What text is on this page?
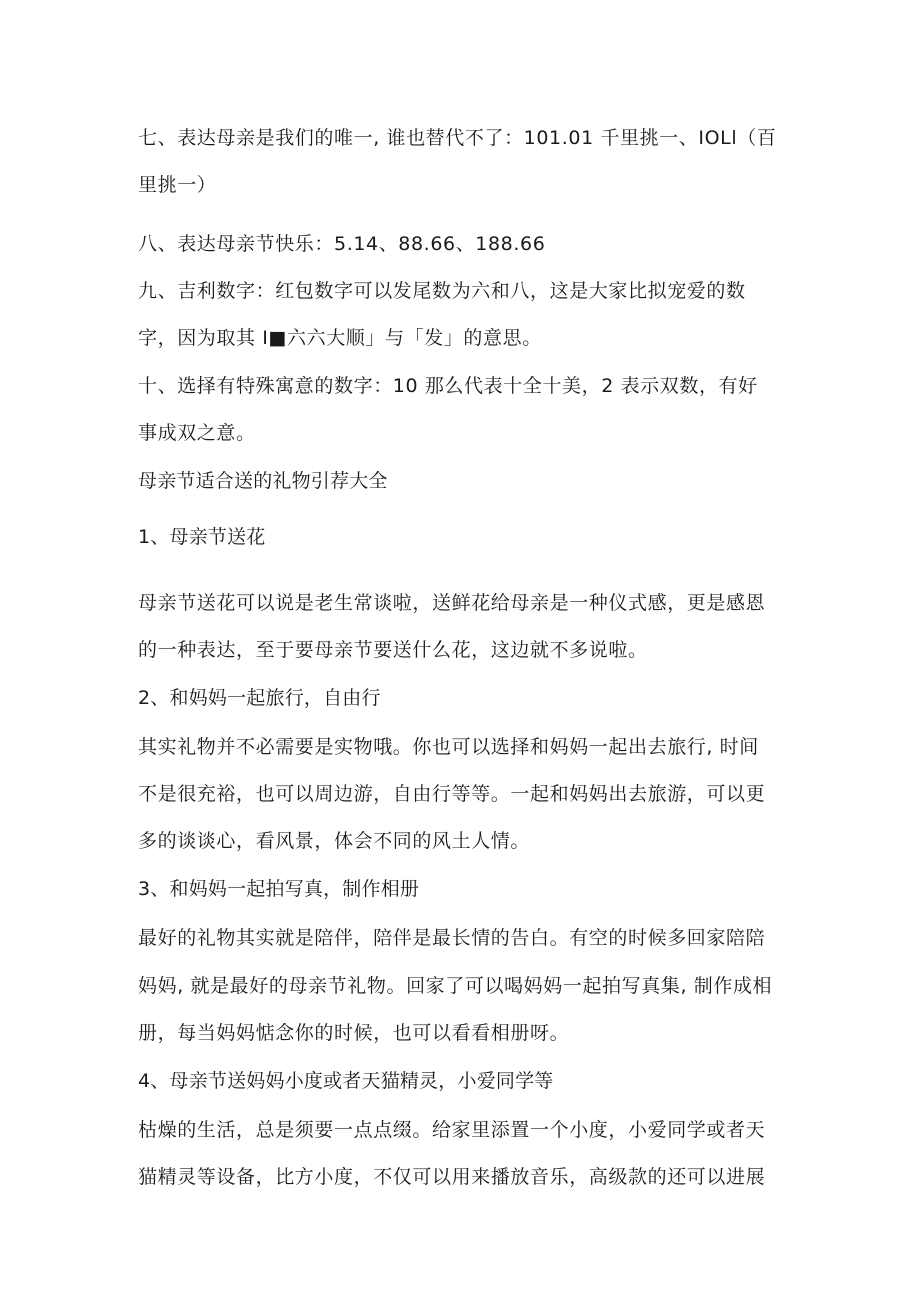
七、表达母亲是我们的唯一, 谁也替代不了：101.01 千里挑一、IOLl（百
里挑一）
八、表达母亲节快乐：5.14、88.66、188.66
九、吉利数字：红包数字可以发尾数为六和八，这是大家比拟宠爱的数
字，因为取其 I■六六大顺」与「发」的意思。
十、选择有特殊寓意的数字：10 那么代表十全十美，2 表示双数，有好
事成双之意。
母亲节适合送的礼物引荐大全
1、母亲节送花
母亲节送花可以说是老生常谈啦，送鲜花给母亲是一种仪式感，更是感恩
的一种表达，至于要母亲节要送什么花，这边就不多说啦。
2、和妈妈一起旅行，自由行
其实礼物并不必需要是实物哦。你也可以选择和妈妈一起出去旅行, 时间
不是很充裕，也可以周边游，自由行等等。一起和妈妈出去旅游，可以更
多的谈谈心，看风景，体会不同的风土人情。
3、和妈妈一起拍写真，制作相册
最好的礼物其实就是陪伴，陪伴是最长情的告白。有空的时候多回家陪陪
妈妈, 就是最好的母亲节礼物。回家了可以喝妈妈一起拍写真集, 制作成相
册，每当妈妈惦念你的时候，也可以看看相册呀。
4、母亲节送妈妈小度或者天猫精灵，小爱同学等
枯燥的生活，总是须要一点点缀。给家里添置一个小度，小爱同学或者天
猫精灵等设备，比方小度，不仅可以用来播放音乐，高级款的还可以进展
